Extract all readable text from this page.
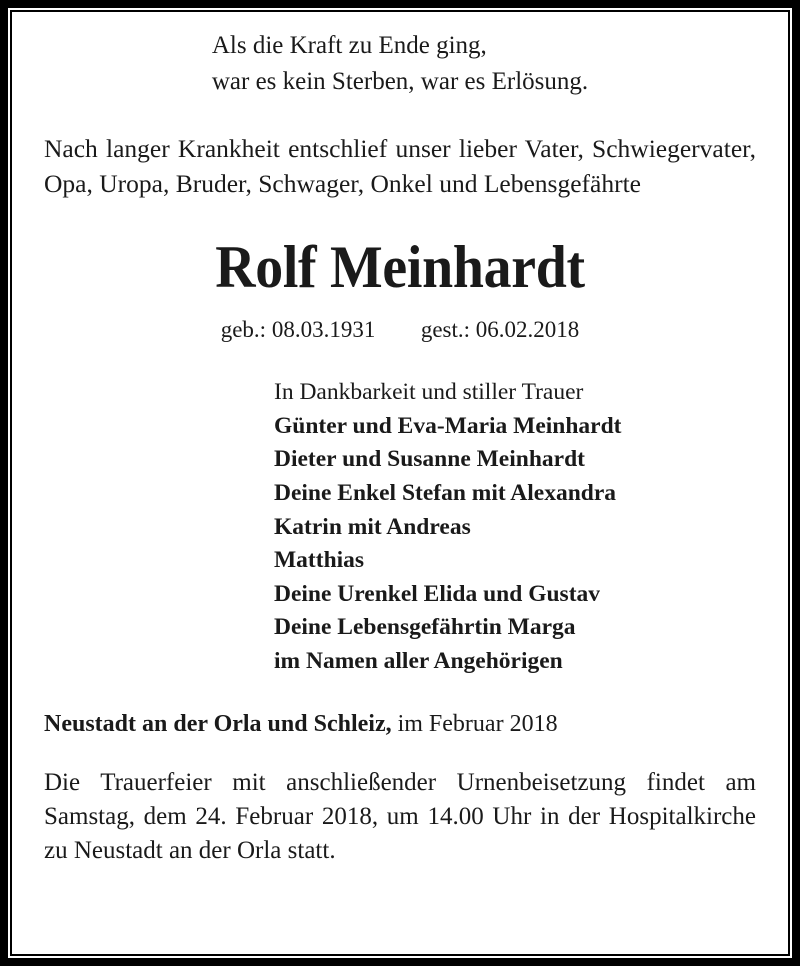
Als die Kraft zu Ende ging,
war es kein Sterben, war es Erlösung.

Nach langer Krankheit entschlief unser lieber Vater, Schwiegervater, Opa, Uropa, Bruder, Schwager, Onkel und Lebensgefährte

Rolf Meinhardt
geb.: 08.03.1931 gest.: 06.02.2018
In Dankbarkeit und stiller Trauer
Günter und Eva-Maria Meinhardt
Dieter und Susanne Meinhardt
Deine Enkel Stefan mit Alexandra
Katrin mit Andreas
Matthias
Deine Urenkel Elida und Gustav
Deine Lebensgefährtin Marga
im Namen aller Angehörigen

Neustadt an der Orla und Schleiz, im Februar 2018

Die Trauerfeier mit anschließender Urnenbeisetzung findet am Samstag, dem 24. Februar 2018, um 14.00 Uhr in der Hospitalkirche zu Neustadt an der Orla statt.
